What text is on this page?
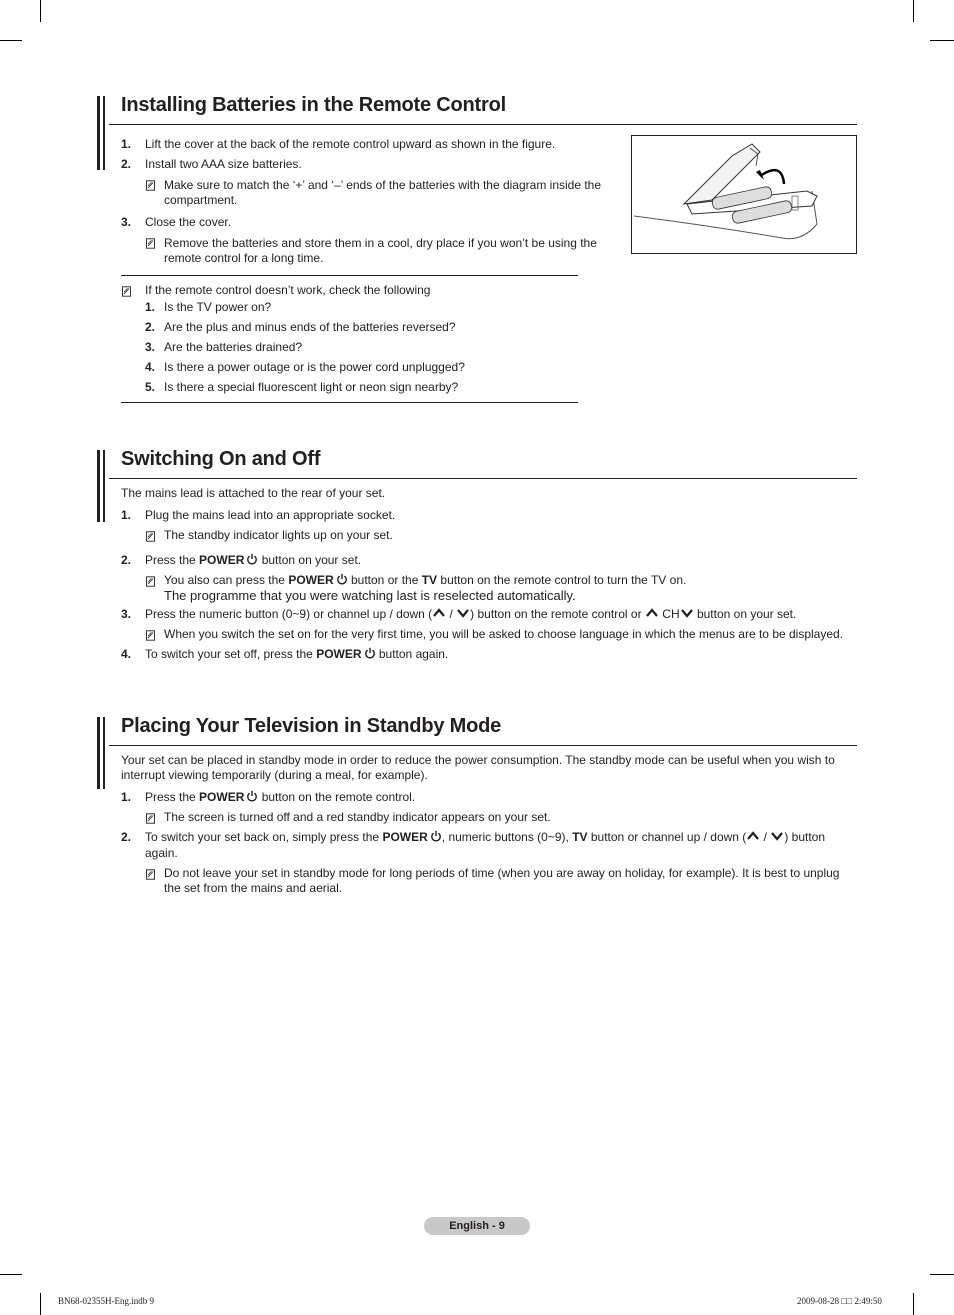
Installing Batteries in the Remote Control
1. Lift the cover at the back of the remote control upward as shown in the figure.
2. Install two AAA size batteries.
Make sure to match the ‘+’ and ‘–’ ends of the batteries with the diagram inside the compartment.
3. Close the cover.
Remove the batteries and store them in a cool, dry place if you won’t be using the remote control for a long time.
If the remote control doesn’t work, check the following
1. Is the TV power on?
2. Are the plus and minus ends of the batteries reversed?
3. Are the batteries drained?
4. Is there a power outage or is the power cord unplugged?
5. Is there a special fluorescent light or neon sign nearby?
Switching On and Off
The mains lead is attached to the rear of your set.
1. Plug the mains lead into an appropriate socket.
The standby indicator lights up on your set.
2. Press the POWER button on your set.
You also can press the POWER button or the TV button on the remote control to turn the TV on.
The programme that you were watching last is reselected automatically.
3. Press the numeric button (0~9) or channel up / down ( / ) button on the remote control or  CH button on your set.
When you switch the set on for the very first time, you will be asked to choose language in which the menus are to be displayed.
4. To switch your set off, press the POWER button again.
Placing Your Television in Standby Mode
Your set can be placed in standby mode in order to reduce the power consumption. The standby mode can be useful when you wish to interrupt viewing temporarily (during a meal, for example).
1. Press the POWER button on the remote control.
The screen is turned off and a red standby indicator appears on your set.
2. To switch your set back on, simply press the POWER , numeric buttons (0~9), TV button or channel up / down ( / ) button
again.
Do not leave your set in standby mode for long periods of time (when you are away on holiday, for example). It is best to unplug the set from the mains and aerial.
English - 9
BN68-02355H-Eng.indb 9	2009-08-28 □□ 2:49:50
